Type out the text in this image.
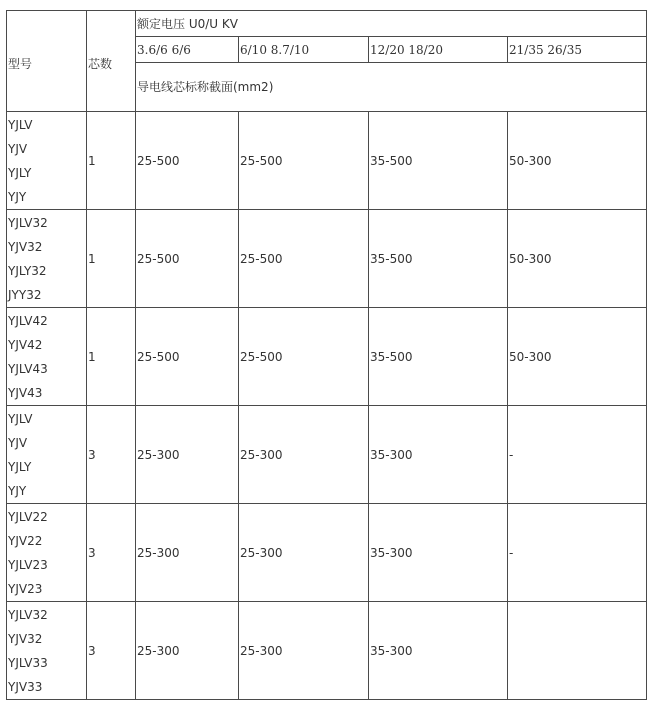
型号	芯数	额定电压 U0/U KV			
		3.6/6 6/6	6/10 8.7/10	12/20 18/20	21/35 26/35
		导电线芯标称截面(mm2)			

YJLV
YJV
YJLY
YJY	1	25-500	25-500	35-500	50-300

YJLV32
YJV32
YJLY32
JYY32	1	25-500	25-500	35-500	50-300

YJLV42
YJV42
YJLV43
YJV43	1	25-500	25-500	35-500	50-300

YJLV
YJV
YJLY
YJY	3	25-300	25-300	35-300	-

YJLV22
YJV22
YJLV23
YJV23	3	25-300	25-300	35-300	-

YJLV32
YJV32
YJLV33
YJV33	3	25-300	25-300	35-300	
